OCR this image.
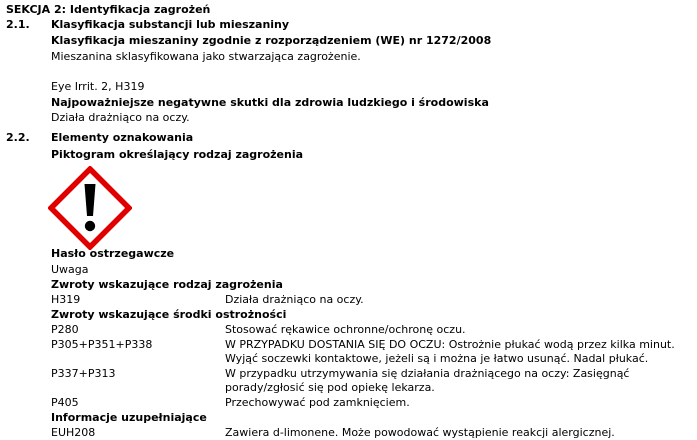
SEKCJA 2: Identyfikacja zagrożeń
2.1. Klasyfikacja substancji lub mieszaniny
Klasyfikacja mieszaniny zgodnie z rozporządzeniem (WE) nr 1272/2008
Mieszanina sklasyfikowana jako stwarzająca zagrożenie.
Eye Irrit. 2, H319
Najpoważniejsze negatywne skutki dla zdrowia ludzkiego i środowiska
Działa drażniąco na oczy.
2.2. Elementy oznakowania
Piktogram określający rodzaj zagrożenia
Hasło ostrzegawcze
Uwaga
Zwroty wskazujące rodzaj zagrożenia
H319	Działa drażniąco na oczy.
Zwroty wskazujące środki ostrożności
P280	Stosować rękawice ochronne/ochronę oczu.
P305+P351+P338	W PRZYPADKU DOSTANIA SIĘ DO OCZU: Ostrożnie płukać wodą przez kilka minut.
Wyjąć soczewki kontaktowe, jeżeli są i można je łatwo usunąć. Nadal płukać.
P337+P313	W przypadku utrzymywania się działania drażniącego na oczy: Zasięgnąć
porady/zgłosić się pod opiekę lekarza.
P405	Przechowywać pod zamknięciem.
Informacje uzupełniające
EUH208	Zawiera d-limonene. Może powodować wystąpienie reakcji alergicznej.
